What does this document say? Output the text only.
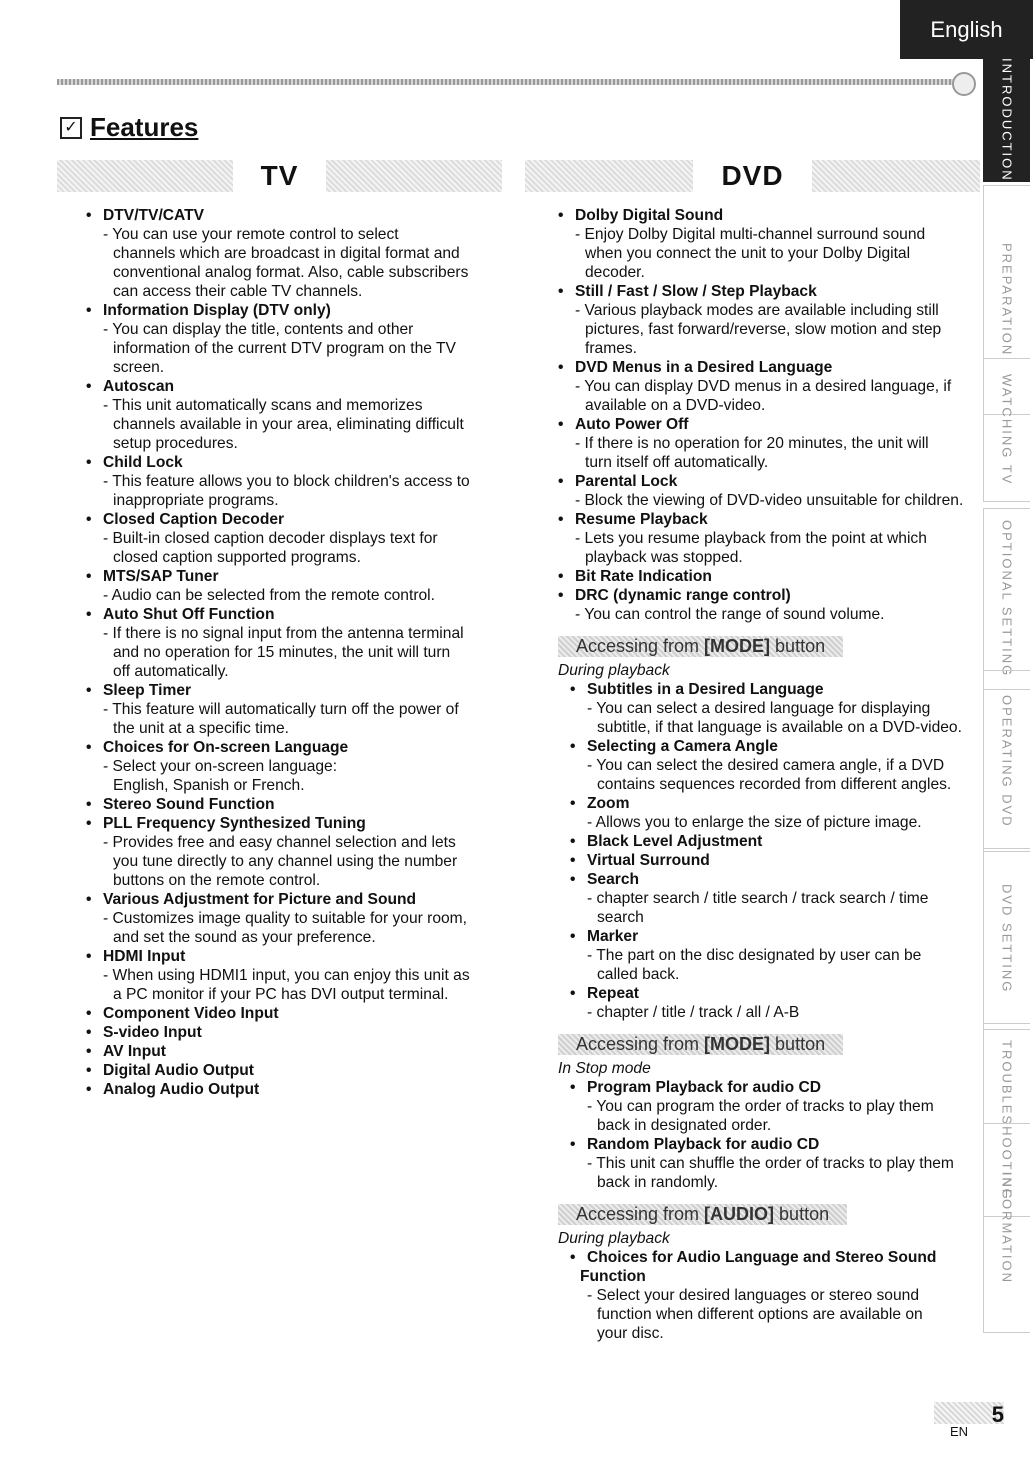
English
✓ Features
TV	DVD
• DTV/TV/CATV
- You can use your remote control to select
channels which are broadcast in digital format and
conventional analog format. Also, cable subscribers
can access their cable TV channels.
• Information Display (DTV only)
- You can display the title, contents and other
information of the current DTV program on the TV
screen.
• Autoscan
- This unit automatically scans and memorizes
channels available in your area, eliminating difficult
setup procedures.
• Child Lock
- This feature allows you to block children's access to
inappropriate programs.
• Closed Caption Decoder
- Built-in closed caption decoder displays text for
closed caption supported programs.
• MTS/SAP Tuner
- Audio can be selected from the remote control.
• Auto Shut Off Function
- If there is no signal input from the antenna terminal
and no operation for 15 minutes, the unit will turn
off automatically.
• Sleep Timer
- This feature will automatically turn off the power of
the unit at a specific time.
• Choices for On-screen Language
- Select your on-screen language:
English, Spanish or French.
• Stereo Sound Function
• PLL Frequency Synthesized Tuning
- Provides free and easy channel selection and lets
you tune directly to any channel using the number
buttons on the remote control.
• Various Adjustment for Picture and Sound
- Customizes image quality to suitable for your room,
and set the sound as your preference.
• HDMI Input
- When using HDMI1 input, you can enjoy this unit as
a PC monitor if your PC has DVI output terminal.
• Component Video Input
• S-video Input
• AV Input
• Digital Audio Output
• Analog Audio Output
• Dolby Digital Sound
- Enjoy Dolby Digital multi-channel surround sound
when you connect the unit to your Dolby Digital
decoder.
• Still / Fast / Slow / Step Playback
- Various playback modes are available including still
pictures, fast forward/reverse, slow motion and step
frames.
• DVD Menus in a Desired Language
- You can display DVD menus in a desired language, if
available on a DVD-video.
• Auto Power Off
- If there is no operation for 20 minutes, the unit will
turn itself off automatically.
• Parental Lock
- Block the viewing of DVD-video unsuitable for children.
• Resume Playback
- Lets you resume playback from the point at which
playback was stopped.
• Bit Rate Indication
• DRC (dynamic range control)
- You can control the range of sound volume.
Accessing from [MODE] button
During playback
• Subtitles in a Desired Language
- You can select a desired language for displaying
subtitle, if that language is available on a DVD-video.
• Selecting a Camera Angle
- You can select the desired camera angle, if a DVD
contains sequences recorded from different angles.
• Zoom
- Allows you to enlarge the size of picture image.
• Black Level Adjustment
• Virtual Surround
• Search
- chapter search / title search / track search / time
search
• Marker
- The part on the disc designated by user can be
called back.
• Repeat
- chapter / title / track / all / A-B
Accessing from [MODE] button
In Stop mode
• Program Playback for audio CD
- You can program the order of tracks to play them
back in designated order.
• Random Playback for audio CD
- This unit can shuffle the order of tracks to play them
back in randomly.
Accessing from [AUDIO] button
During playback
• Choices for Audio Language and Stereo Sound
Function
- Select your desired languages or stereo sound
function when different options are available on
your disc.
INTRODUCTION
PREPARATION
WATCHING TV
OPTIONAL SETTING
OPERATING DVD
DVD SETTING
TROUBLESHOOTING
INFORMATION
5
EN
